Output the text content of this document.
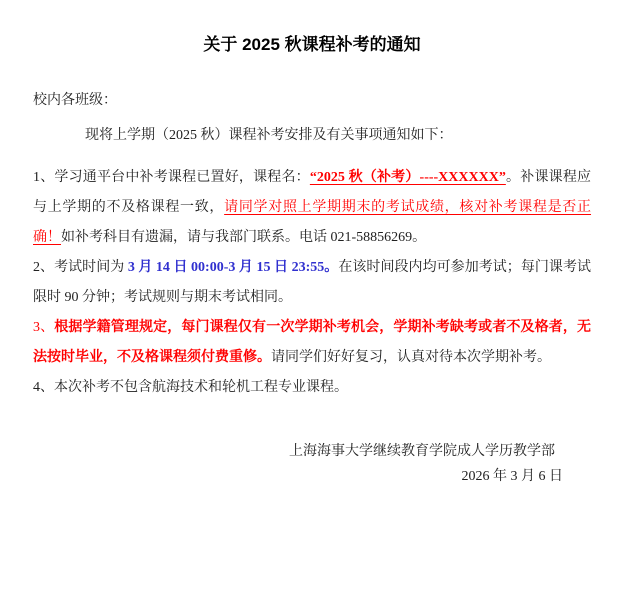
关于 2025 秋课程补考的通知

校内各班级：

现将上学期（2025 秋）课程补考安排及有关事项通知如下：

1、学习通平台中补考课程已置好，课程名：“2025 秋（补考）----XXXXXX”。补课课程应与上学期的不及格课程一致，请同学对照上学期期末的考试成绩，核对补考课程是否正确！如补考科目有遗漏，请与我部门联系。电话 021-58856269。

2、考试时间为 3 月 14 日 00:00-3 月 15 日 23:55。在该时间段内均可参加考试；每门课考试限时 90 分钟；考试规则与期末考试相同。

3、根据学籍管理规定，每门课程仅有一次学期补考机会，学期补考缺考或者不及格者，无法按时毕业，不及格课程须付费重修。请同学们好好复习，认真对待本次学期补考。

4、本次补考不包含航海技术和轮机工程专业课程。

上海海事大学继续教育学院成人学历教学部
2026 年 3 月 6 日
